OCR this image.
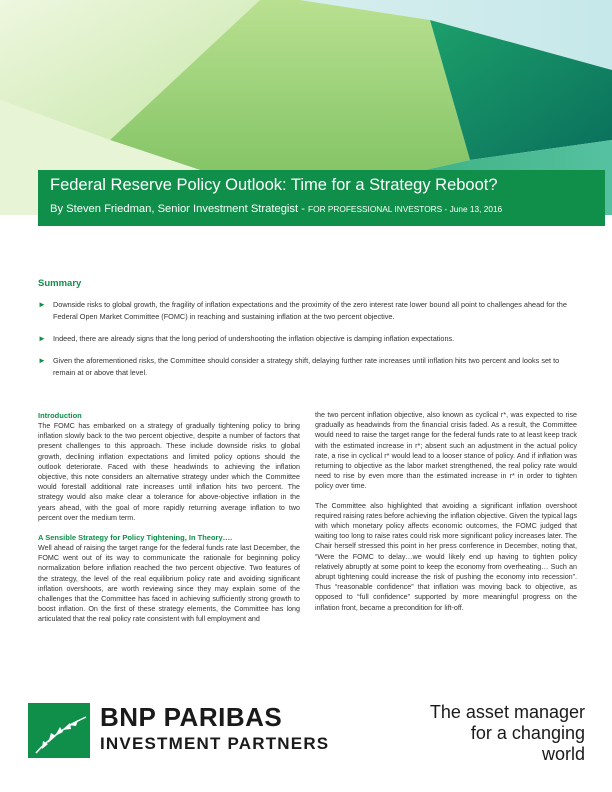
Federal Reserve Policy Outlook: Time for a Strategy Reboot?
By Steven Friedman, Senior Investment Strategist - FOR PROFESSIONAL INVESTORS - June 13, 2016
Summary
► Downside risks to global growth, the fragility of inflation expectations and the proximity of the zero interest rate lower bound all point to challenges ahead for the Federal Open Market Committee (FOMC) in reaching and sustaining inflation at the two percent objective.
► Indeed, there are already signs that the long period of undershooting the inflation objective is damping inflation expectations.
► Given the aforementioned risks, the Committee should consider a strategy shift, delaying further rate increases until inflation hits two percent and looks set to remain at or above that level.
Introduction

The FOMC has embarked on a strategy of gradually tightening policy to bring inflation slowly back to the two percent objective, despite a number of factors that present challenges to this approach. These include downside risks to global growth, declining inflation expectations and limited policy options should the outlook deteriorate. Faced with these headwinds to achieving the inflation objective, this note considers an alternative strategy under which the Committee would forestall additional rate increases until inflation hits two percent. The strategy would also make clear a tolerance for above-objective inflation in the years ahead, with the goal of more rapidly returning average inflation to two percent over the medium term.

A Sensible Strategy for Policy Tightening, In Theory….

Well ahead of raising the target range for the federal funds rate last December, the FOMC went out of its way to communicate the rationale for beginning policy normalization before inflation reached the two percent objective. Two features of the strategy, the level of the real equilibrium policy rate and avoiding significant inflation overshoots, are worth reviewing since they may explain some of the challenges that the Committee has faced in achieving sufficiently strong growth to boost inflation. On the first of these strategy elements, the Committee has long articulated that the real policy rate consistent with full employment and

the two percent inflation objective, also known as cyclical r*, was expected to rise gradually as headwinds from the financial crisis faded. As a result, the Committee would need to raise the target range for the federal funds rate to at least keep track with the estimated increase in r*; absent such an adjustment in the actual policy rate, a rise in cyclical r* would lead to a looser stance of policy. And if inflation was returning to objective as the labor market strengthened, the real policy rate would need to rise by even more than the estimated increase in r* in order to tighten policy over time.

The Committee also highlighted that avoiding a significant inflation overshoot required raising rates before achieving the inflation objective. Given the typical lags with which monetary policy affects economic outcomes, the FOMC judged that waiting too long to raise rates could risk more significant policy increases later. The Chair herself stressed this point in her press conference in December, noting that, “Were the FOMC to delay…we would likely end up having to tighten policy relatively abruptly at some point to keep the economy from overheating… Such an abrupt tightening could increase the risk of pushing the economy into recession”. Thus “reasonable confidence” that inflation was moving back to objective, as opposed to “full confidence” supported by more meaningful progress on the inflation front, became a precondition for lift-off.

BNP PARIBAS
INVESTMENT PARTNERS
The asset manager
for a changing
world
